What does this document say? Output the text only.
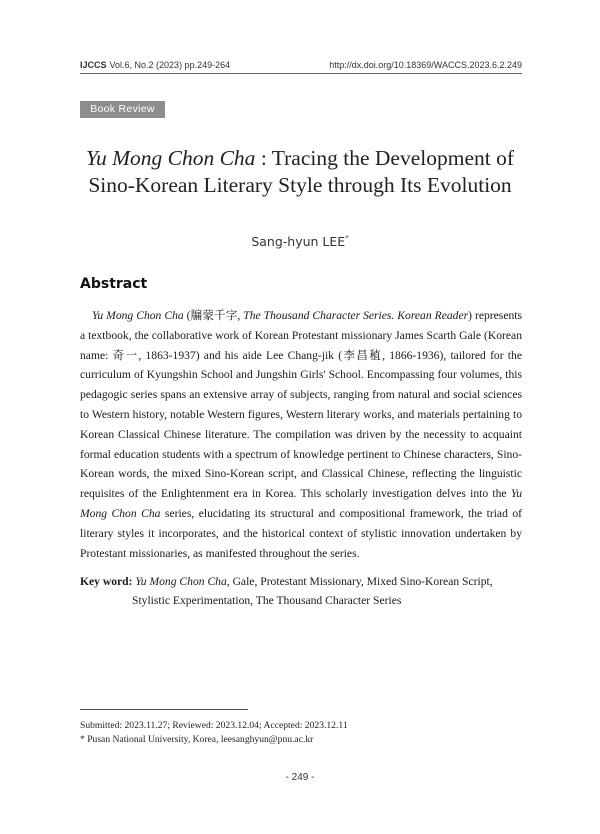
IJCCS Vol.6, No.2 (2023) pp.249-264	http://dx.doi.org/10.18369/WACCS.2023.6.2.249
Book Review
Yu Mong Chon Cha : Tracing the Development of
Sino-Korean Literary Style through Its Evolution
Sang-hyun LEE*
Abstract

Yu Mong Chon Cha (牖蒙千字, The Thousand Character Series. Korean Reader) represents a textbook, the collaborative work of Korean Protestant missionary James Scarth Gale (Korean name: 奇一, 1863-1937) and his aide Lee Chang-jik (李昌稙, 1866-1936), tailored for the curriculum of Kyungshin School and Jungshin Girls' School. Encompassing four volumes, this pedagogic series spans an extensive array of subjects, ranging from natural and social sciences to Western history, notable Western figures, Western literary works, and materials pertaining to Korean Classical Chinese literature. The compilation was driven by the necessity to acquaint formal education students with a spectrum of knowledge pertinent to Chinese characters, Sino-Korean words, the mixed Sino-Korean script, and Classical Chinese, reflecting the linguistic requisites of the Enlightenment era in Korea. This scholarly investigation delves into the Yu Mong Chon Cha series, elucidating its structural and compositional framework, the triad of literary styles it incorporates, and the historical context of stylistic innovation undertaken by Protestant missionaries, as manifested throughout the series.

Key word: Yu Mong Chon Cha, Gale, Protestant Missionary, Mixed Sino-Korean Script, Stylistic Experimentation, The Thousand Character Series
Submitted: 2023.11.27; Reviewed: 2023.12.04; Accepted: 2023.12.11
* Pusan National University, Korea, leesanghyun@pnu.ac.kr
- 249 -
